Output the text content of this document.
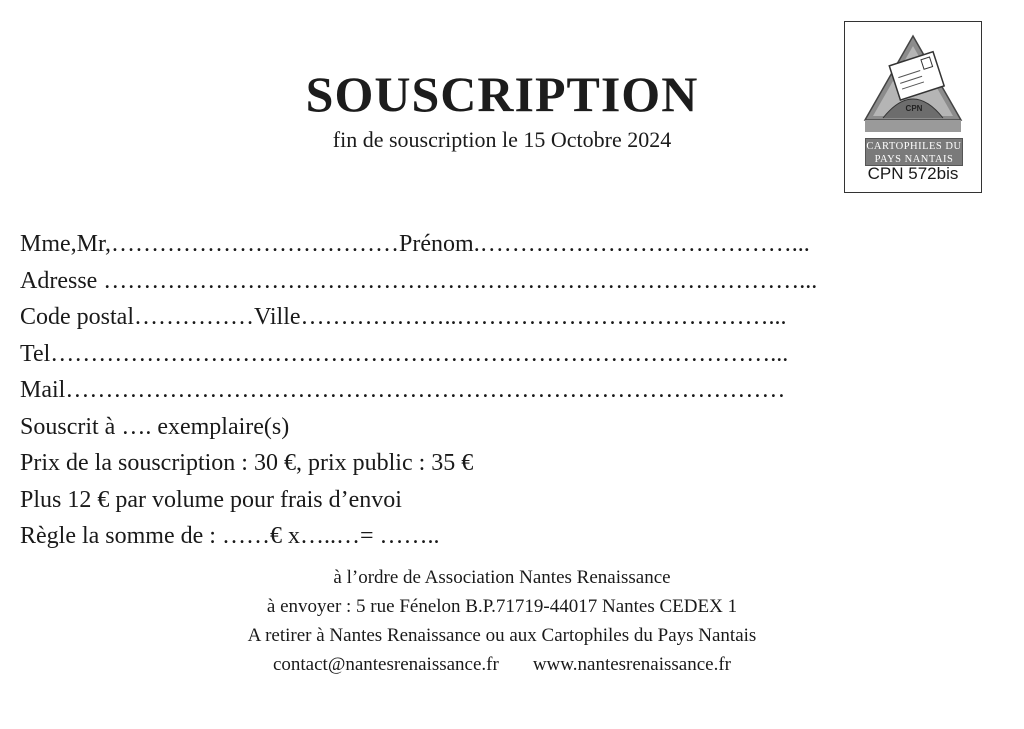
SOUSCRIPTION
fin de souscription le 15 Octobre 2024
CPN
CARTOPHILES DU
PAYS NANTAIS
CPN 572bis
Mme,Mr,………………………………Prénom.…………………………………...
Adresse ……………………………………………………………………………...
Code postal……………Ville………………..…………………………………...
Tel………………………………………………………………………………...
Mail………………………………………………………………………………
Souscrit à …. exemplaire(s)
Prix de la souscription : 30 €, prix public : 35 €
Plus 12 € par volume pour frais d’envoi
Règle la somme de : ……€ x…..…= ……..
à l’ordre de Association Nantes Renaissance
à envoyer : 5 rue Fénelon B.P.71719-44017 Nantes CEDEX 1
A retirer à Nantes Renaissance ou aux Cartophiles du Pays Nantais
contact@nantesrenaissance.fr www.nantesrenaissance.fr
